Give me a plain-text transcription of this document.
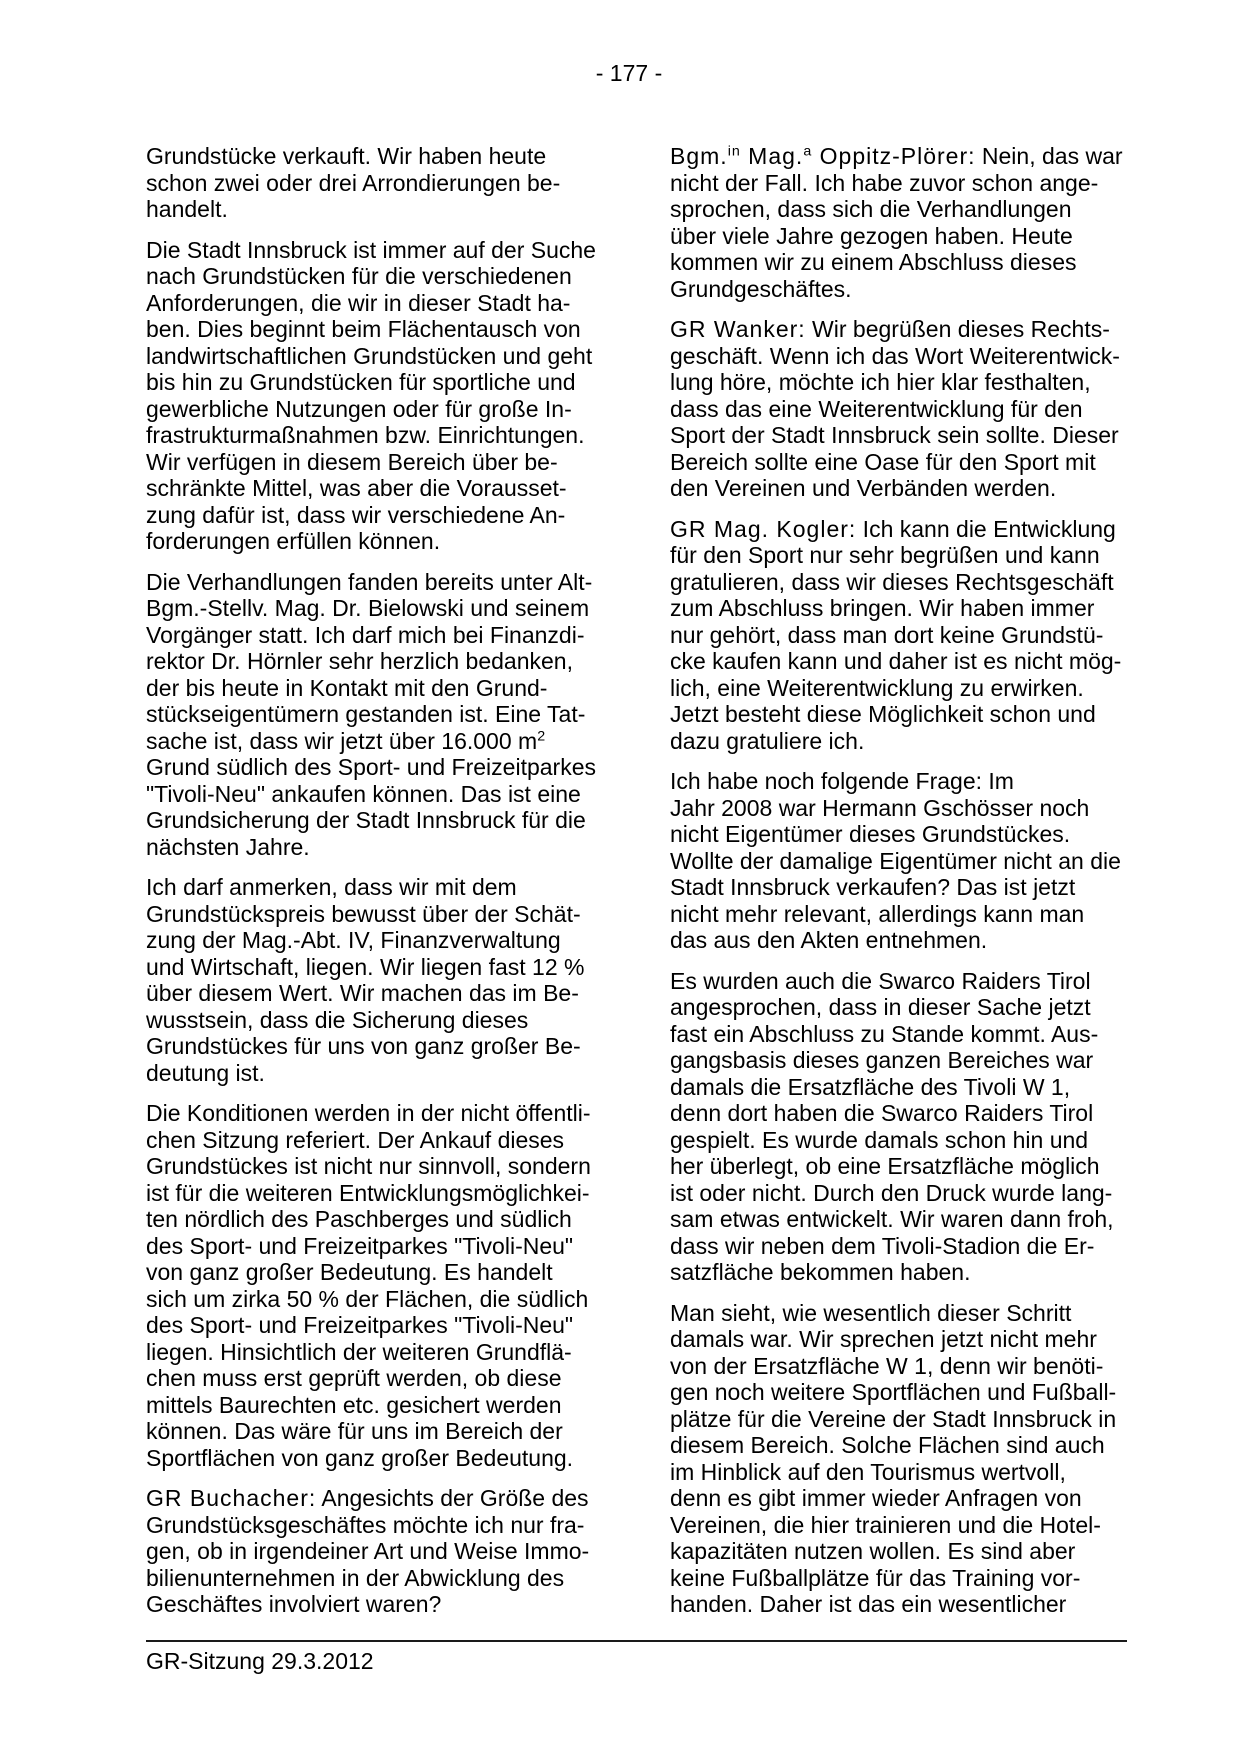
- 177 -

Grundstücke verkauft. Wir haben heute
schon zwei oder drei Arrondierungen be-
handelt.

Die Stadt Innsbruck ist immer auf der Suche
nach Grundstücken für die verschiedenen
Anforderungen, die wir in dieser Stadt ha-
ben. Dies beginnt beim Flächentausch von
landwirtschaftlichen Grundstücken und geht
bis hin zu Grundstücken für sportliche und
gewerbliche Nutzungen oder für große In-
frastrukturmaßnahmen bzw. Einrichtungen.
Wir verfügen in diesem Bereich über be-
schränkte Mittel, was aber die Vorausset-
zung dafür ist, dass wir verschiedene An-
forderungen erfüllen können.

Die Verhandlungen fanden bereits unter Alt-
Bgm.-Stellv. Mag. Dr. Bielowski und seinem
Vorgänger statt. Ich darf mich bei Finanzdi-
rektor Dr. Hörnler sehr herzlich bedanken,
der bis heute in Kontakt mit den Grund-
stückseigentümern gestanden ist. Eine Tat-
sache ist, dass wir jetzt über 16.000 $m^2$
Grund südlich des Sport- und Freizeitparkes
"Tivoli-Neu" ankaufen können. Das ist eine
Grundsicherung der Stadt Innsbruck für die
nächsten Jahre.

Ich darf anmerken, dass wir mit dem
Grundstückspreis bewusst über der Schät-
zung der Mag.-Abt. IV, Finanzverwaltung
und Wirtschaft, liegen. Wir liegen fast 12 %
über diesem Wert. Wir machen das im Be-
wusstsein, dass die Sicherung dieses
Grundstückes für uns von ganz großer Be-
deutung ist.

Die Konditionen werden in der nicht öffentli-
chen Sitzung referiert. Der Ankauf dieses
Grundstückes ist nicht nur sinnvoll, sondern
ist für die weiteren Entwicklungsmöglichkei-
ten nördlich des Paschberges und südlich
des Sport- und Freizeitparkes "Tivoli-Neu"
von ganz großer Bedeutung. Es handelt
sich um zirka 50 % der Flächen, die südlich
des Sport- und Freizeitparkes "Tivoli-Neu"
liegen. Hinsichtlich der weiteren Grundflä-
chen muss erst geprüft werden, ob diese
mittels Baurechten etc. gesichert werden
können. Das wäre für uns im Bereich der
Sportflächen von ganz großer Bedeutung.

GR Buchacher: Angesichts der Größe des
Grundstücksgeschäftes möchte ich nur fra-
gen, ob in irgendeiner Art und Weise Immo-
bilienunternehmen in der Abwicklung des
Geschäftes involviert waren?

Bgm.$^{in}$ Mag.$^a$ Oppitz-Plörer: Nein, das war
nicht der Fall. Ich habe zuvor schon ange-
sprochen, dass sich die Verhandlungen
über viele Jahre gezogen haben. Heute
kommen wir zu einem Abschluss dieses
Grundgeschäftes.

GR Wanker: Wir begrüßen dieses Rechts-
geschäft. Wenn ich das Wort Weiterentwick-
lung höre, möchte ich hier klar festhalten,
dass das eine Weiterentwicklung für den
Sport der Stadt Innsbruck sein sollte. Dieser
Bereich sollte eine Oase für den Sport mit
den Vereinen und Verbänden werden.

GR Mag. Kogler: Ich kann die Entwicklung
für den Sport nur sehr begrüßen und kann
gratulieren, dass wir dieses Rechtsgeschäft
zum Abschluss bringen. Wir haben immer
nur gehört, dass man dort keine Grundstü-
cke kaufen kann und daher ist es nicht mög-
lich, eine Weiterentwicklung zu erwirken.
Jetzt besteht diese Möglichkeit schon und
dazu gratuliere ich.

Ich habe noch folgende Frage: Im
Jahr 2008 war Hermann Gschösser noch
nicht Eigentümer dieses Grundstückes.
Wollte der damalige Eigentümer nicht an die
Stadt Innsbruck verkaufen? Das ist jetzt
nicht mehr relevant, allerdings kann man
das aus den Akten entnehmen.

Es wurden auch die Swarco Raiders Tirol
angesprochen, dass in dieser Sache jetzt
fast ein Abschluss zu Stande kommt. Aus-
gangsbasis dieses ganzen Bereiches war
damals die Ersatzfläche des Tivoli W 1,
denn dort haben die Swarco Raiders Tirol
gespielt. Es wurde damals schon hin und
her überlegt, ob eine Ersatzfläche möglich
ist oder nicht. Durch den Druck wurde lang-
sam etwas entwickelt. Wir waren dann froh,
dass wir neben dem Tivoli-Stadion die Er-
satzfläche bekommen haben.

Man sieht, wie wesentlich dieser Schritt
damals war. Wir sprechen jetzt nicht mehr
von der Ersatzfläche W 1, denn wir benöti-
gen noch weitere Sportflächen und Fußball-
plätze für die Vereine der Stadt Innsbruck in
diesem Bereich. Solche Flächen sind auch
im Hinblick auf den Tourismus wertvoll,
denn es gibt immer wieder Anfragen von
Vereinen, die hier trainieren und die Hotel-
kapazitäten nutzen wollen. Es sind aber
keine Fußballplätze für das Training vor-
handen. Daher ist das ein wesentlicher

GR-Sitzung 29.3.2012
